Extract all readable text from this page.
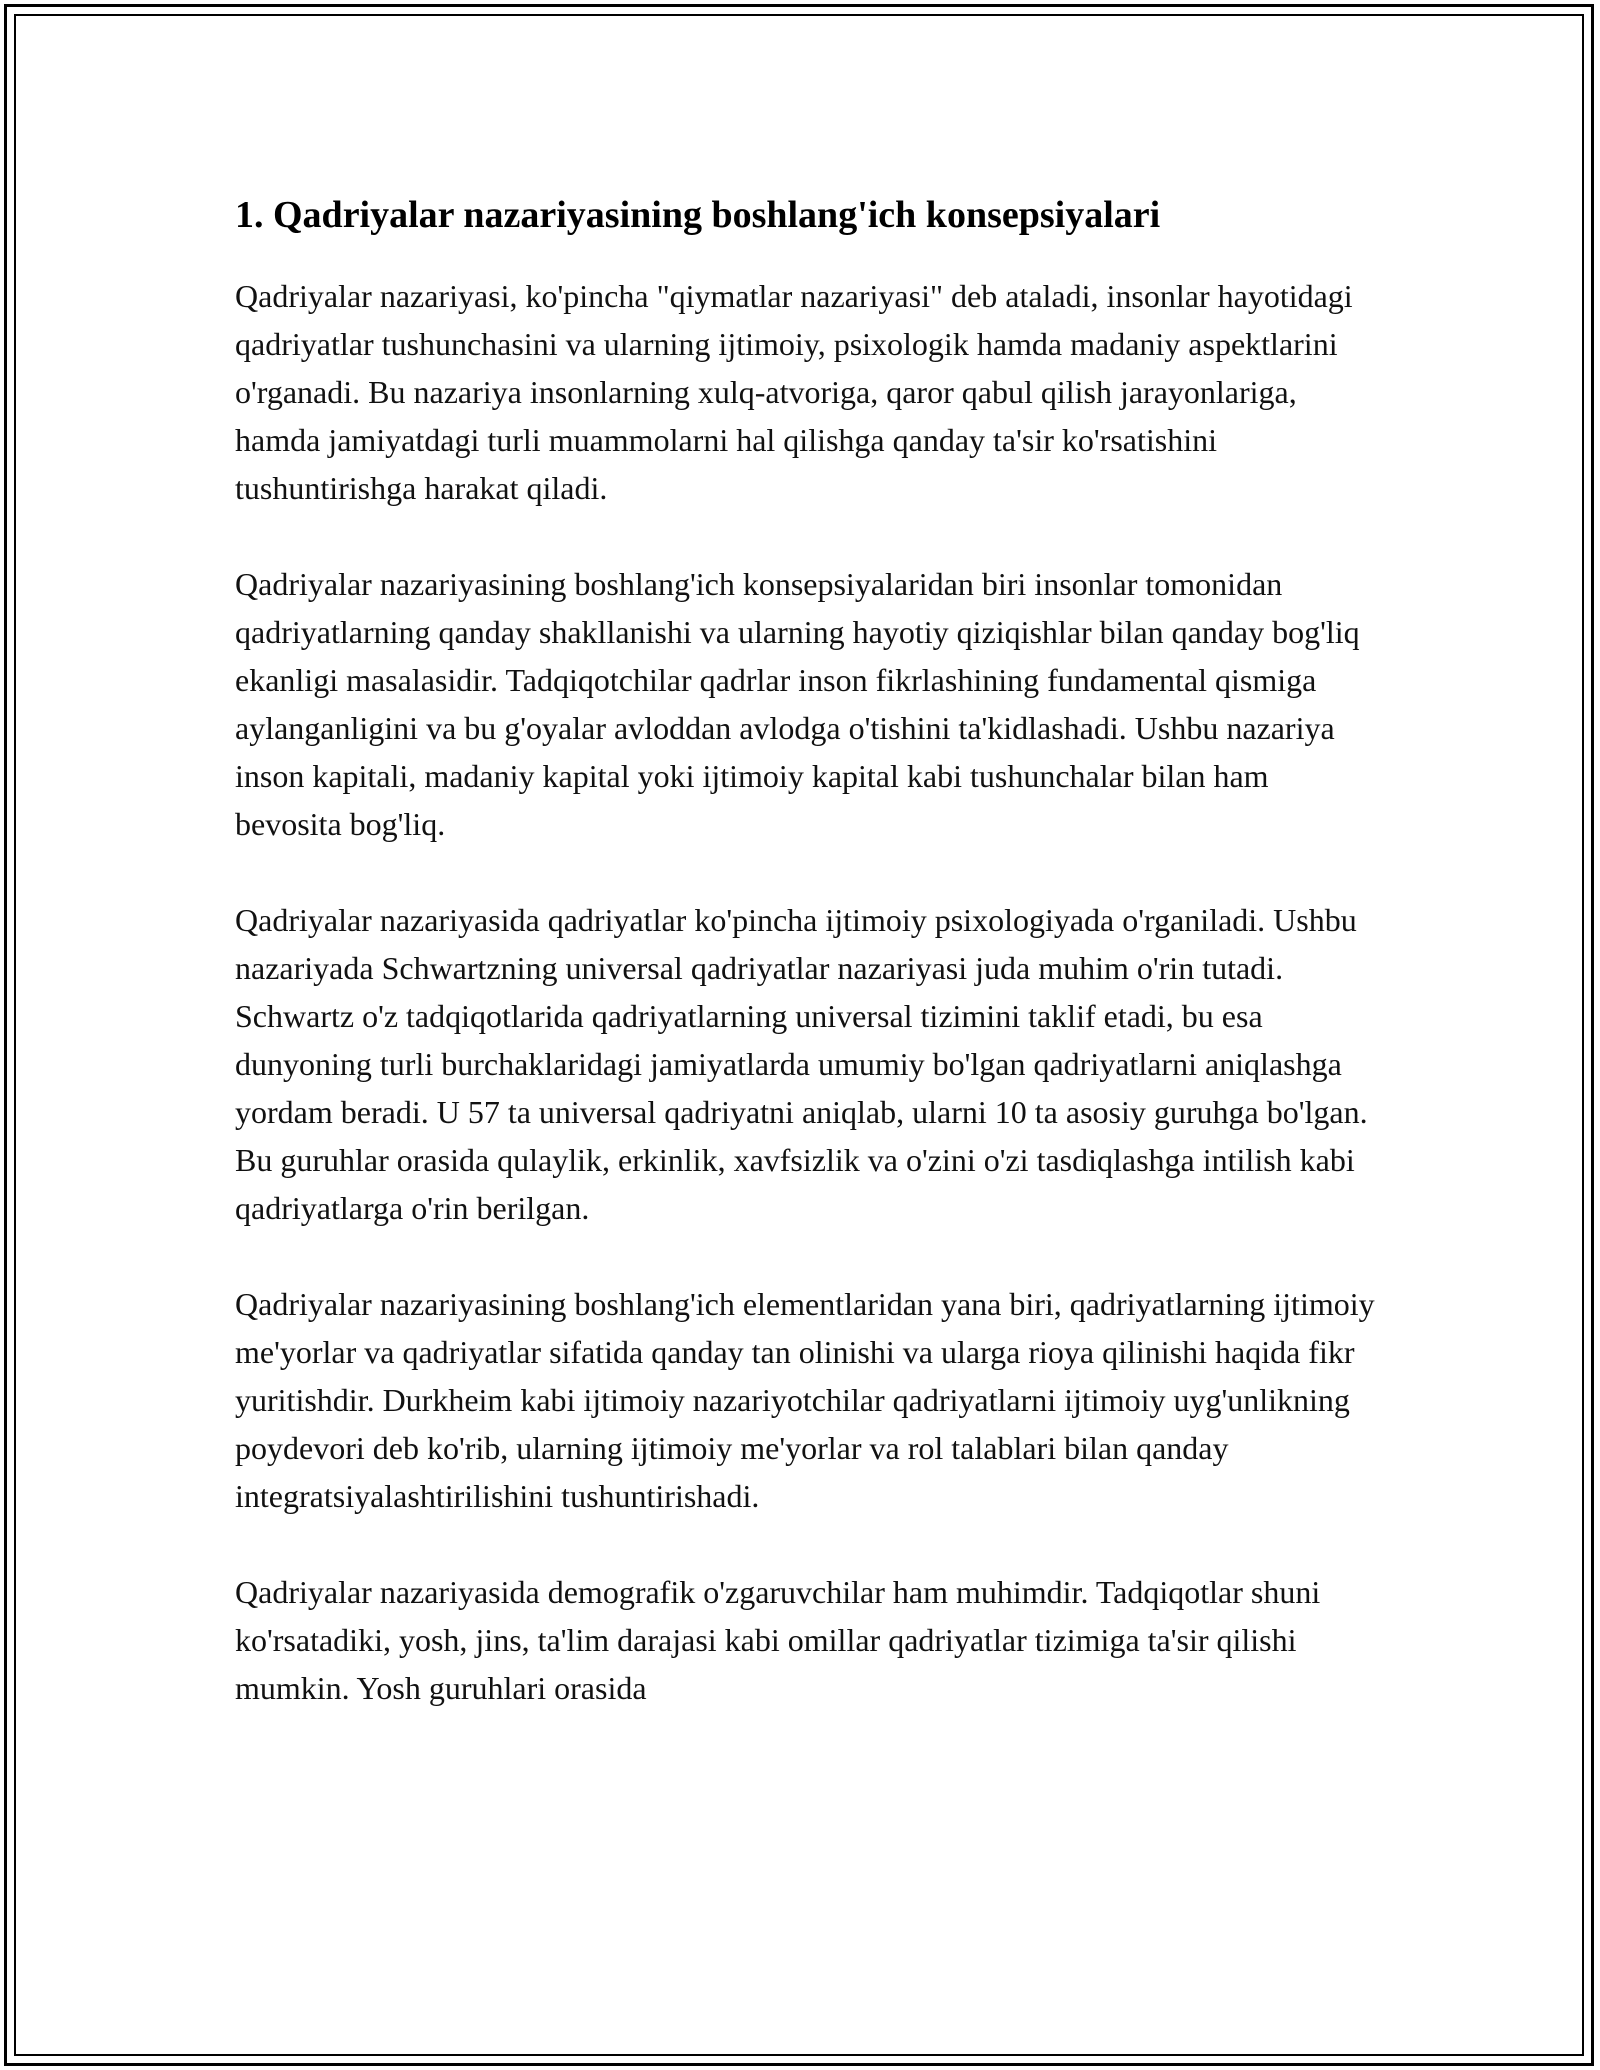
1. Qadriyalar nazariyasining boshlang'ich konsepsiyalari

Qadriyalar nazariyasi, ko'pincha "qiymatlar nazariyasi" deb ataladi, insonlar hayotidagi qadriyatlar tushunchasini va ularning ijtimoiy, psixologik hamda madaniy aspektlarini o'rganadi. Bu nazariya insonlarning xulq-atvoriga, qaror qabul qilish jarayonlariga, hamda jamiyatdagi turli muammolarni hal qilishga qanday ta'sir ko'rsatishini tushuntirishga harakat qiladi.

Qadriyalar nazariyasining boshlang'ich konsepsiyalaridan biri insonlar tomonidan qadriyatlarning qanday shakllanishi va ularning hayotiy qiziqishlar bilan qanday bog'liq ekanligi masalasidir. Tadqiqotchilar qadrlar inson fikrlashining fundamental qismiga aylanganligini va bu g'oyalar avloddan avlodga o'tishini ta'kidlashadi. Ushbu nazariya inson kapitali, madaniy kapital yoki ijtimoiy kapital kabi tushunchalar bilan ham bevosita bog'liq.

Qadriyalar nazariyasida qadriyatlar ko'pincha ijtimoiy psixologiyada o'rganiladi. Ushbu nazariyada Schwartzning universal qadriyatlar nazariyasi juda muhim o'rin tutadi. Schwartz o'z tadqiqotlarida qadriyatlarning universal tizimini taklif etadi, bu esa dunyoning turli burchaklaridagi jamiyatlarda umumiy bo'lgan qadriyatlarni aniqlashga yordam beradi. U 57 ta universal qadriyatni aniqlab, ularni 10 ta asosiy guruhga bo'lgan. Bu guruhlar orasida qulaylik, erkinlik, xavfsizlik va o'zini o'zi tasdiqlashga intilish kabi qadriyatlarga o'rin berilgan.

Qadriyalar nazariyasining boshlang'ich elementlaridan yana biri, qadriyatlarning ijtimoiy me'yorlar va qadriyatlar sifatida qanday tan olinishi va ularga rioya qilinishi haqida fikr yuritishdir. Durkheim kabi ijtimoiy nazariyotchilar qadriyatlarni ijtimoiy uyg'unlikning poydevori deb ko'rib, ularning ijtimoiy me'yorlar va rol talablari bilan qanday integratsiyalashtirilishini tushuntirishadi.

Qadriyalar nazariyasida demografik o'zgaruvchilar ham muhimdir. Tadqiqotlar shuni ko'rsatadiki, yosh, jins, ta'lim darajasi kabi omillar qadriyatlar tizimiga ta'sir qilishi mumkin. Yosh guruhlari orasida
